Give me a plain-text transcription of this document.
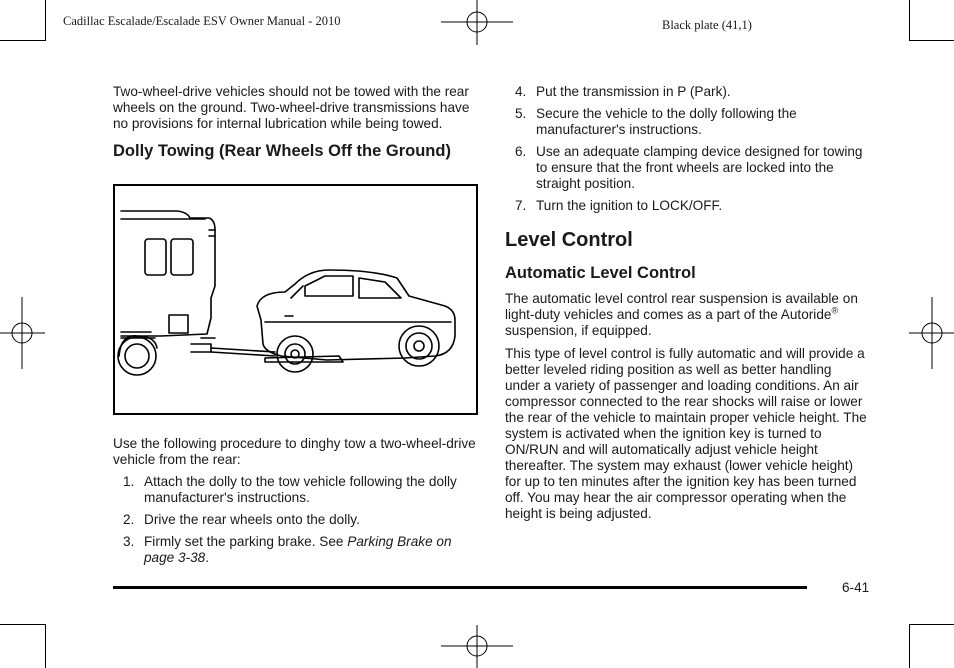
Cadillac Escalade/Escalade ESV Owner Manual - 2010	Black plate (41,1)

Two-wheel-drive vehicles should not be towed with the rear wheels on the ground. Two-wheel-drive transmissions have no provisions for internal lubrication while being towed.

Dolly Towing (Rear Wheels Off the Ground)

Use the following procedure to dinghy tow a two-wheel-drive vehicle from the rear:

1. Attach the dolly to the tow vehicle following the dolly manufacturer's instructions.
2. Drive the rear wheels onto the dolly.
3. Firmly set the parking brake. See Parking Brake on page 3-38.
4. Put the transmission in P (Park).
5. Secure the vehicle to the dolly following the manufacturer's instructions.
6. Use an adequate clamping device designed for towing to ensure that the front wheels are locked into the straight position.
7. Turn the ignition to LOCK/OFF.
Level Control
Automatic Level Control

The automatic level control rear suspension is available on light-duty vehicles and comes as a part of the Autoride® suspension, if equipped.

This type of level control is fully automatic and will provide a better leveled riding position as well as better handling under a variety of passenger and loading conditions. An air compressor connected to the rear shocks will raise or lower the rear of the vehicle to maintain proper vehicle height. The system is activated when the ignition key is turned to ON/RUN and will automatically adjust vehicle height thereafter. The system may exhaust (lower vehicle height) for up to ten minutes after the ignition key has been turned off. You may hear the air compressor operating when the height is being adjusted.

6-41
